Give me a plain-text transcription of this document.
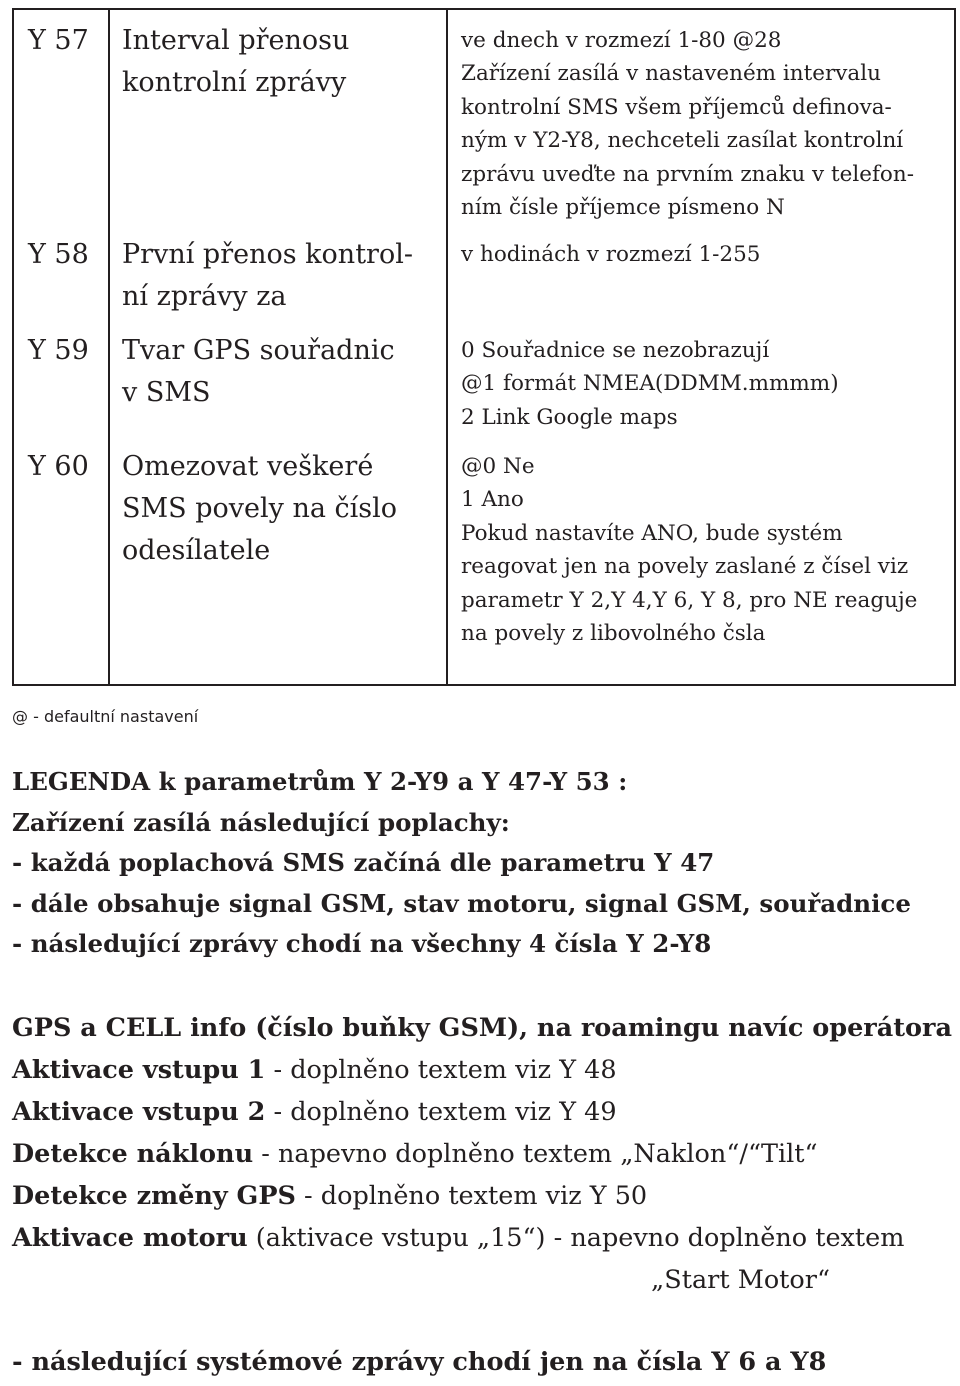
Y 57 Interval přenosu
kontrolní zprávy
ve dnech v rozmezí 1-80 @28
Zařízení zasílá v nastaveném intervalu
kontrolní SMS všem příjemců definova-
ným v Y2-Y8, nechceteli zasílat kontrolní
zprávu uveďte na prvním znaku v telefon-
ním čísle příjemce písmeno N
Y 58 První přenos kontrol-
ní zprávy za
v hodinách v rozmezí 1-255
Y 59 Tvar GPS souřadnic
v SMS
0 Souřadnice se nezobrazují
@1 formát NMEA(DDMM.mmmm)
2 Link Google maps
Y 60 Omezovat veškeré
SMS povely na číslo
odesílatele
@0 Ne
1 Ano
Pokud nastavíte ANO, bude systém
reagovat jen na povely zaslané z čísel viz
parametr Y 2,Y 4,Y 6, Y 8, pro NE reaguje
na povely z libovolného čsla
@ - defaultní nastavení
LEGENDA k parametrům Y 2-Y9 a Y 47-Y 53 :
Zařízení zasílá následující poplachy:
- každá poplachová SMS začíná dle parametru Y 47
- dále obsahuje signal GSM, stav motoru, signal GSM, souřadnice
- následující zprávy chodí na všechny 4 čísla Y 2-Y8
GPS a CELL info (číslo buňky GSM), na roamingu navíc operátora
Aktivace vstupu 1 - doplněno textem viz Y 48
Aktivace vstupu 2 - doplněno textem viz Y 49
Detekce náklonu - napevno doplněno textem „Naklon“/“Tilt“
Detekce změny GPS - doplněno textem viz Y 50
Aktivace motoru (aktivace vstupu „15“) - napevno doplněno textem
„Start Motor“
- následující systémové zprávy chodí jen na čísla Y 6 a Y8
